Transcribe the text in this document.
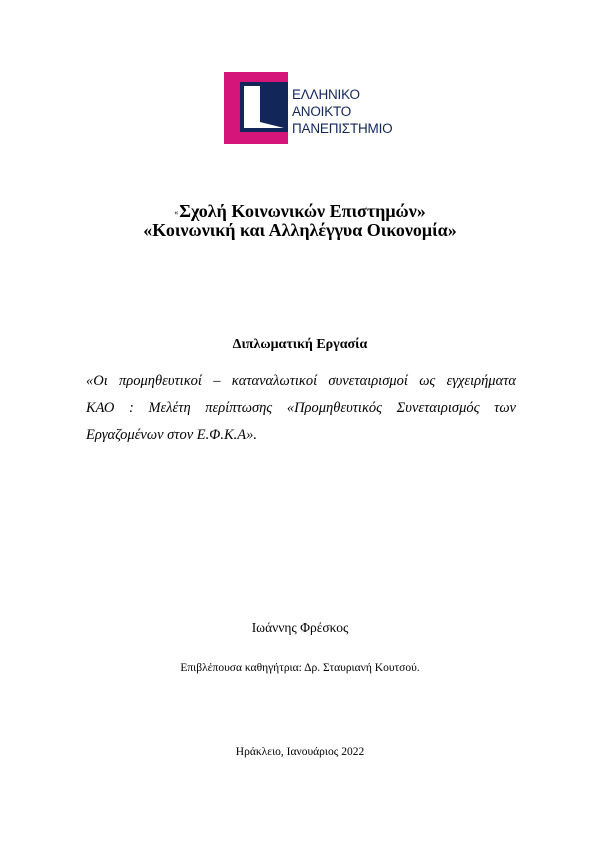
ΕΛΛΗΝΙΚΟ
ΑΝΟΙΚΤΟ
ΠΑΝΕΠΙΣΤΗΜΙΟ
«Σχολή Κοινωνικών Επιστημών»
«Κοινωνική και Αλληλέγγυα Οικονομία»
Διπλωματική Εργασία
«Οι προμηθευτικοί – καταναλωτικοί συνεταιρισμοί ως εγχειρήματα
ΚΑΟ : Μελέτη περίπτωσης «Προμηθευτικός Συνεταιρισμός των
Εργαζομένων στον Ε.Φ.Κ.Α».
Ιωάννης Φρέσκος
Επιβλέπουσα καθηγήτρια: Δρ. Σταυριανή Κουτσού.
Ηράκλειο, Ιανουάριος 2022
